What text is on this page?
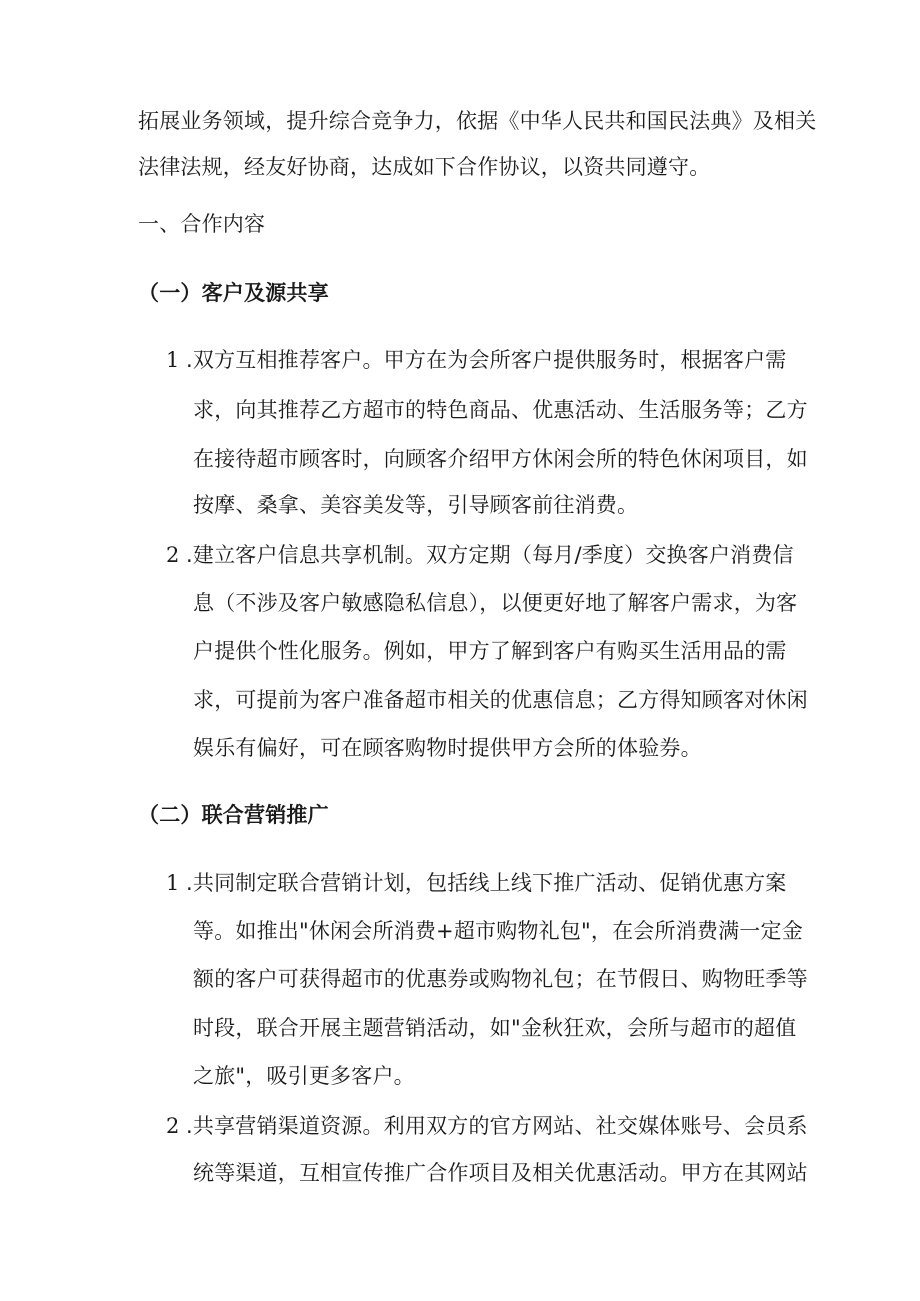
拓展业务领域，提升综合竞争力，依据《中华人民共和国民法典》及相关
法律法规，经友好协商，达成如下合作协议，以资共同遵守。
一、合作内容
（一）客户及源共享
1 .双方互相推荐客户。甲方在为会所客户提供服务时，根据客户需
求，向其推荐乙方超市的特色商品、优惠活动、生活服务等；乙方
在接待超市顾客时，向顾客介绍甲方休闲会所的特色休闲项目，如
按摩、桑拿、美容美发等，引导顾客前往消费。
2 .建立客户信息共享机制。双方定期（每月/季度）交换客户消费信
息（不涉及客户敏感隐私信息），以便更好地了解客户需求，为客
户提供个性化服务。例如，甲方了解到客户有购买生活用品的需
求，可提前为客户准备超市相关的优惠信息；乙方得知顾客对休闲
娱乐有偏好，可在顾客购物时提供甲方会所的体验券。
（二）联合营销推广
1 .共同制定联合营销计划，包括线上线下推广活动、促销优惠方案
等。如推出"休闲会所消费+超市购物礼包"，在会所消费满一定金
额的客户可获得超市的优惠券或购物礼包；在节假日、购物旺季等
时段，联合开展主题营销活动，如"金秋狂欢，会所与超市的超值
之旅"，吸引更多客户。
2 .共享营销渠道资源。利用双方的官方网站、社交媒体账号、会员系
统等渠道，互相宣传推广合作项目及相关优惠活动。甲方在其网站
